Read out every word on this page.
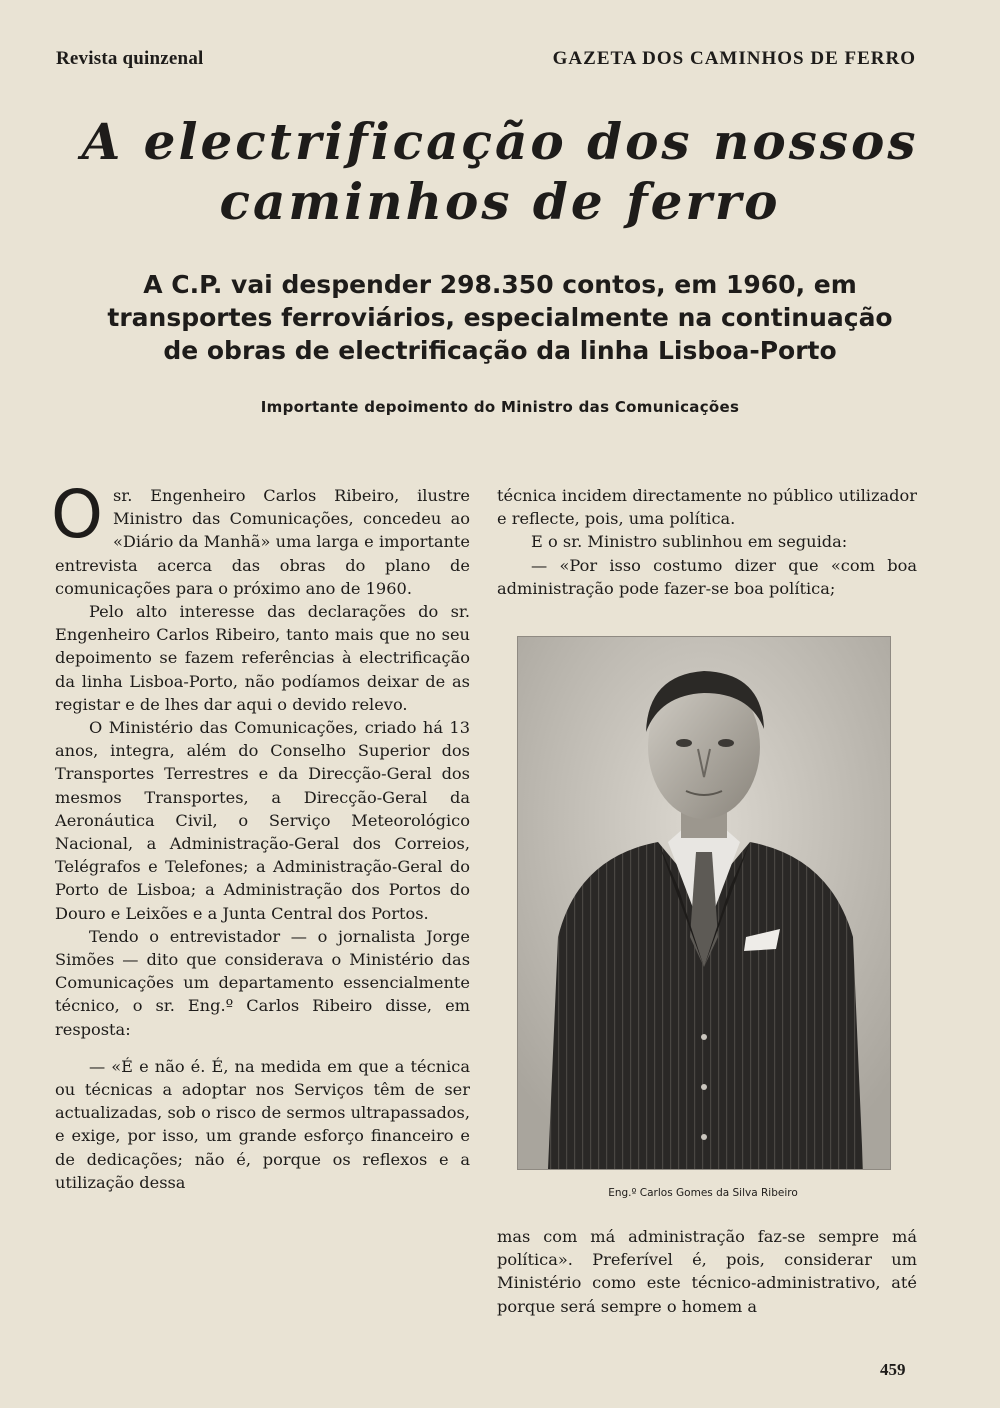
Revista quinzenal	GAZETA DOS CAMINHOS DE FERRO
A electrificação dos nossos
caminhos de ferro
A C.P. vai despender 298.350 contos, em 1960, em
transportes ferroviários, especialmente na continuação
de obras de electrificação da linha Lisboa-Porto
Importante depoimento do Ministro das Comunicações

Osr. Engenheiro Carlos Ribeiro, ilustre Ministro das Comunicações, concedeu ao «Diário da Manhã» uma larga e importante entrevista acerca das obras do plano de comunicações para o próximo ano de 1960.

Pelo alto interesse das declarações do sr. Engenheiro Carlos Ribeiro, tanto mais que no seu depoimento se fazem referências à electrificação da linha Lisboa-Porto, não podíamos deixar de as registar e de lhes dar aqui o devido relevo.

O Ministério das Comunicações, criado há 13 anos, integra, além do Conselho Superior dos Transportes Terrestres e da Direcção-Geral dos mesmos Transportes, a Direcção-Geral da Aeronáutica Civil, o Serviço Meteorológico Nacional, a Administração-Geral dos Correios, Telégrafos e Telefones; a Administração-Geral do Porto de Lisboa; a Administração dos Portos do Douro e Leixões e a Junta Central dos Portos.

Tendo o entrevistador — o jornalista Jorge Simões — dito que considerava o Ministério das Comunicações um departamento essencialmente técnico, o sr. Eng.º Carlos Ribeiro disse, em resposta:

— «É e não é. É, na medida em que a técnica ou técnicas a adoptar nos Serviços têm de ser actualizadas, sob o risco de sermos ultrapassados, e exige, por isso, um grande esforço financeiro e de dedicações; não é, porque os reflexos e a utilização dessa

técnica incidem directamente no público utilizador e reflecte, pois, uma política.

E o sr. Ministro sublinhou em seguida:

— «Por isso costumo dizer que «com boa administração pode fazer-se boa política;

Eng.º Carlos Gomes da Silva Ribeiro

mas com má administração faz-se sempre má política». Preferível é, pois, considerar um Ministério como este técnico-administrativo, até porque será sempre o homem a

459
